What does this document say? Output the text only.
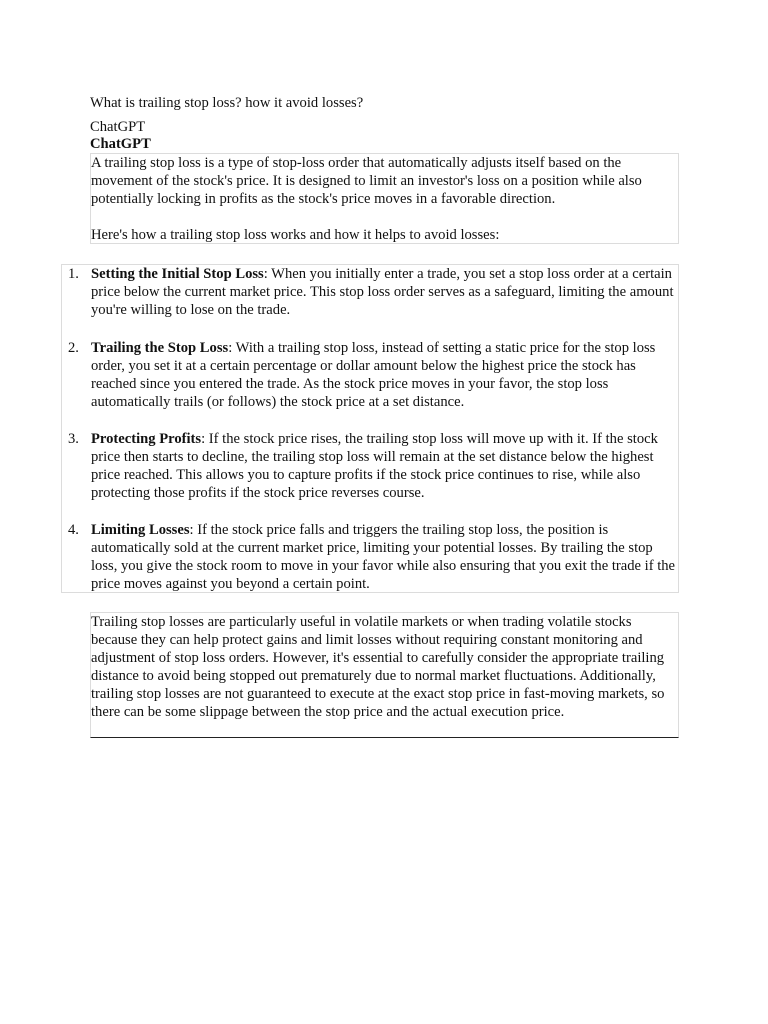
What is trailing stop loss? how it avoid losses?
ChatGPT
ChatGPT

A trailing stop loss is a type of stop-loss order that automatically adjusts itself based on the movement of the stock's price. It is designed to limit an investor's loss on a position while also potentially locking in profits as the stock's price moves in a favorable direction.

Here's how a trailing stop loss works and how it helps to avoid losses:

1. Setting the Initial Stop Loss: When you initially enter a trade, you set a stop loss order at a certain price below the current market price. This stop loss order serves as a safeguard, limiting the amount you're willing to lose on the trade.
2. Trailing the Stop Loss: With a trailing stop loss, instead of setting a static price for the stop loss order, you set it at a certain percentage or dollar amount below the highest price the stock has reached since you entered the trade. As the stock price moves in your favor, the stop loss automatically trails (or follows) the stock price at a set distance.
3. Protecting Profits: If the stock price rises, the trailing stop loss will move up with it. If the stock price then starts to decline, the trailing stop loss will remain at the set distance below the highest price reached. This allows you to capture profits if the stock price continues to rise, while also protecting those profits if the stock price reverses course.
4. Limiting Losses: If the stock price falls and triggers the trailing stop loss, the position is automatically sold at the current market price, limiting your potential losses. By trailing the stop loss, you give the stock room to move in your favor while also ensuring that you exit the trade if the price moves against you beyond a certain point.

Trailing stop losses are particularly useful in volatile markets or when trading volatile stocks because they can help protect gains and limit losses without requiring constant monitoring and adjustment of stop loss orders. However, it's essential to carefully consider the appropriate trailing distance to avoid being stopped out prematurely due to normal market fluctuations. Additionally, trailing stop losses are not guaranteed to execute at the exact stop price in fast-moving markets, so there can be some slippage between the stop price and the actual execution price.
